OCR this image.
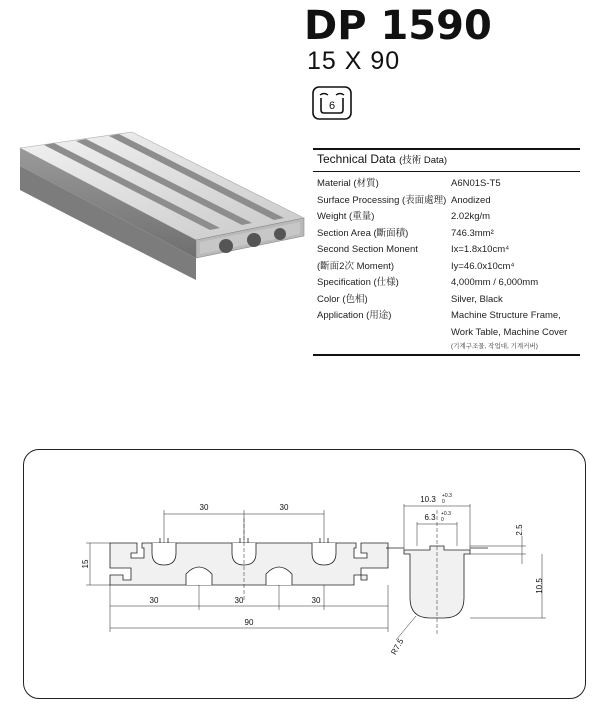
DP 1590
15 X 90
6
Technical Data (技術 Data)
Material (材質)	A6N01S-T5
Surface Processing (表面處理) Anodized
Weight (重量)	2.02kg/m
Section Area (斷面積)	746.3mm²
Second Section Monent	Ix=1.8x10cm⁴
(斷面2次 Moment)	Iy=46.0x10cm⁴
Specification (仕様)	4,000mm / 6,000mm
Color (色相)	Silver, Black
Application (用途)	Machine Structure Frame,
Work Table, Machine Cover
(기계구조물, 작업대, 기계커버)
30	30
30	30	30
90
15
10.3 +0.3
0
6.3 +0.3
0
2.5
10.5
R7.5
